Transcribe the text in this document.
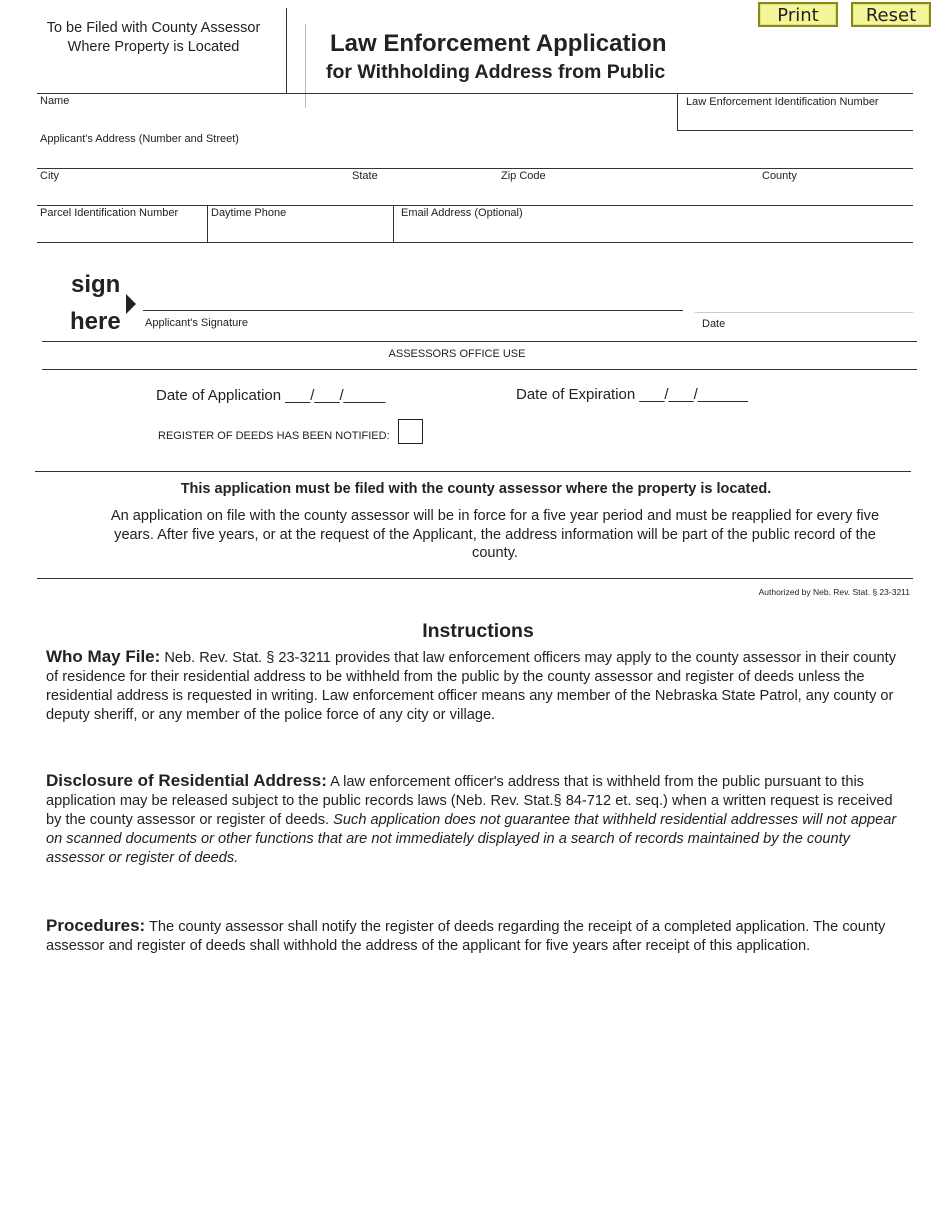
To be Filed with County Assessor Where Property is Located	Law Enforcement Application
for Withholding Address from Public
Print	Reset
Name	Law Enforcement Identification Number
Applicant's Address (Number and Street)
City	State	Zip Code	County
Parcel Identification Number	Daytime Phone	Email Address (Optional)
sign
here Applicant's Signature	Date
ASSESSORS OFFICE USE
Date of Application ___/___/_____	Date of Expiration ___/___/______
REGISTER OF DEEDS HAS BEEN NOTIFIED:
This application must be filed with the county assessor where the property is located.
An application on file with the county assessor will be in force for a five year period and must be reapplied for every five years. After five years, or at the request of the Applicant, the address information will be part of the public record of the county.
Authorized by Neb. Rev. Stat. § 23-3211
Instructions
Who May File: Neb. Rev. Stat. § 23-3211 provides that law enforcement officers may apply to the county assessor in their county of residence for their residential address to be withheld from the public by the county assessor and register of deeds unless the residential address is requested in writing. Law enforcement officer means any member of the Nebraska State Patrol, any county or deputy sheriff, or any member of the police force of any city or village.
Disclosure of Residential Address: A law enforcement officer's address that is withheld from the public pursuant to this application may be released subject to the public records laws (Neb. Rev. Stat.§ 84-712 et. seq.) when a written request is received by the county assessor or register of deeds. Such application does not guarantee that withheld residential addresses will not appear on scanned documents or other functions that are not immediately displayed in a search of records maintained by the county assessor or register of deeds.
Procedures: The county assessor shall notify the register of deeds regarding the receipt of a completed application. The county assessor and register of deeds shall withhold the address of the applicant for five years after receipt of this application.
